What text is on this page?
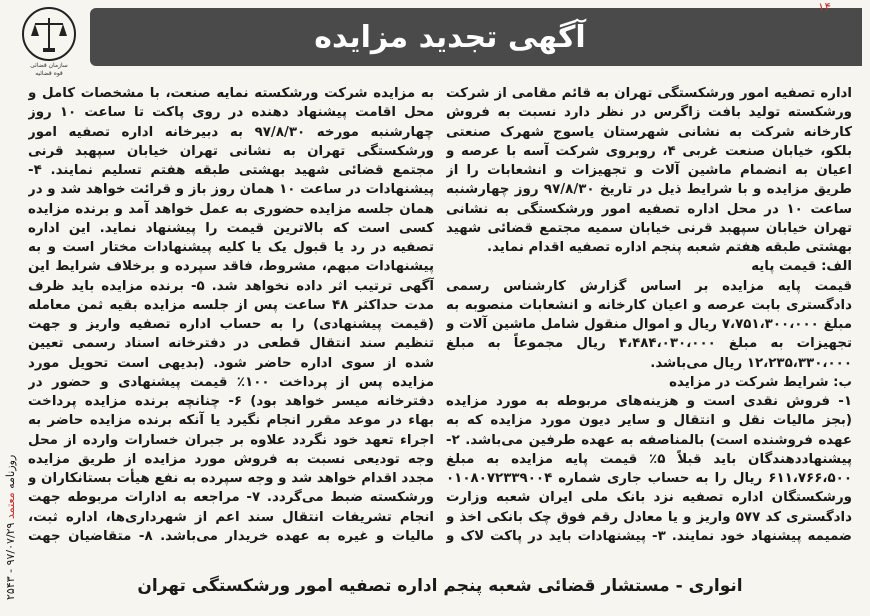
آگهی تجدید مزایده
۱۴
سازمان قضائی
قوه قضائیه

اداره تصفیه امور ورشکستگی تهران به قائم مقامی از شرکت ورشکسته تولید بافت زاگرس در نظر دارد نسبت به فروش کارخانه شرکت به نشانی شهرستان یاسوج شهرک صنعتی بلکو، خیابان صنعت غربی ۴، روبروی شرکت آسه با عرصه و اعیان به انضمام ماشین آلات و تجهیزات و انشعابات را از طریق مزایده و با شرایط ذیل در تاریخ ۹۷/۸/۳۰ روز چهارشنبه ساعت ۱۰ در محل اداره تصفیه امور ورشکستگی به نشانی تهران خیابان سپهبد قرنی خیابان سمیه مجتمع قضائی شهید بهشتی طبقه هفتم شعبه پنجم اداره تصفیه اقدام نماید.

الف: قیمت پایه

قیمت پایه مزایده بر اساس گزارش کارشناس رسمی دادگستری بابت عرصه و اعیان کارخانه و انشعابات منصوبه به مبلغ ۷،۷۵۱،۳۰۰،۰۰۰ ریال و اموال منقول شامل ماشین آلات و تجهیزات به مبلغ ۴،۴۸۴،۰۳۰،۰۰۰ ریال مجموعاً به مبلغ ۱۲،۲۳۵،۳۳۰،۰۰۰ ریال می‌باشد.

ب: شرایط شرکت در مزایده

۱- فروش نقدی است و هزینه‌های مربوطه به مورد مزایده (بجز مالیات نقل و انتقال و سایر دیون مورد مزایده که به عهده فروشنده است) بالمناصفه به عهده طرفین می‌باشد. ۲- پیشنهاددهندگان باید قبلاً ۵٪ قیمت پایه مزایده به مبلغ ۶۱۱،۷۶۶،۵۰۰ ریال را به حساب جاری شماره ۰۱۰۸۰۷۲۳۳۹۰۰۴ ورشکستگان اداره تصفیه نزد بانک ملی ایران شعبه وزارت دادگستری کد ۵۷۷ واریز و یا معادل رقم فوق چک بانکی اخذ و ضمیمه پیشنهاد خود نمایند. ۳- پیشنهادات باید در پاکت لاک و

به مزایده شرکت ورشکسته نمایه صنعت، با مشخصات کامل و محل اقامت پیشنهاد دهنده در روی پاکت تا ساعت ۱۰ روز چهارشنبه مورخه ۹۷/۸/۳۰ به دبیرخانه اداره تصفیه امور ورشکستگی تهران به نشانی تهران خیابان سپهبد قرنی مجتمع قضائی شهید بهشتی طبقه هفتم تسلیم نمایند. ۴- پیشنهادات در ساعت ۱۰ همان روز باز و قرائت خواهد شد و در همان جلسه مزایده حضوری به عمل خواهد آمد و برنده مزایده کسی است که بالاترین قیمت را پیشنهاد نماید. این اداره تصفیه در رد یا قبول یک یا کلیه پیشنهادات مختار است و به پیشنهادات مبهم، مشروط، فاقد سپرده و برخلاف شرایط این آگهی ترتیب اثر داده نخواهد شد. ۵- برنده مزایده باید ظرف مدت حداکثر ۴۸ ساعت پس از جلسه مزایده بقیه ثمن معامله (قیمت پیشنهادی) را به حساب اداره تصفیه واریز و جهت تنظیم سند انتقال قطعی در دفترخانه اسناد رسمی تعیین شده از سوی اداره حاضر شود. (بدیهی است تحویل مورد مزایده پس از پرداخت ۱۰۰٪ قیمت پیشنهادی و حضور در دفترخانه میسر خواهد بود) ۶- چنانچه برنده مزایده پرداخت بهاء در موعد مقرر انجام نگیرد یا آنکه برنده مزایده حاضر به اجراء تعهد خود نگردد علاوه بر جبران خسارات وارده از محل وجه تودیعی نسبت به فروش مورد مزایده از طریق مزایده مجدد اقدام خواهد شد و وجه سپرده به نفع هیأت بستانکاران و ورشکسته ضبط می‌گردد. ۷- مراجعه به ادارات مربوطه جهت انجام تشریفات انتقال سند اعم از شهرداری‌ها، اداره ثبت، مالیات و غیره به عهده خریدار می‌باشد. ۸- متقاضیان جهت

روزنامه معتمد ۹۷/۰۷/۲۹ - ۲۵۴۳
انواری - مستشار قضائی شعبه پنجم اداره تصفیه امور ورشکستگی تهران
